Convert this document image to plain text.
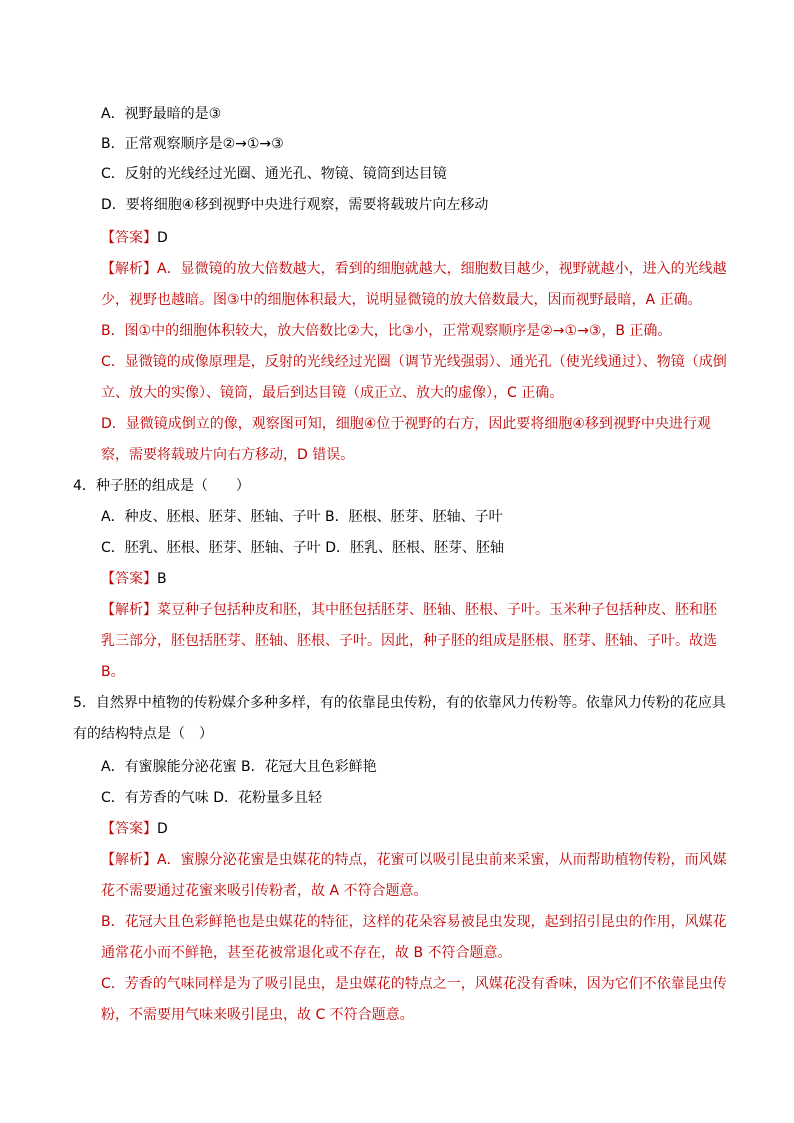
A．视野最暗的是③
B．正常观察顺序是②→①→③
C．反射的光线经过光圈、通光孔、物镜、镜筒到达目镜
D．要将细胞④移到视野中央进行观察，需要将载玻片向左移动
【答案】D
【解析】A．显微镜的放大倍数越大，看到的细胞就越大，细胞数目越少，视野就越小，进入的光线越
少，视野也越暗。图③中的细胞体积最大，说明显微镜的放大倍数最大，因而视野最暗，A 正确。
B．图①中的细胞体积较大，放大倍数比②大，比③小，正常观察顺序是②→①→③，B 正确。
C．显微镜的成像原理是，反射的光线经过光圈（调节光线强弱）、通光孔（使光线通过）、物镜（成倒
立、放大的实像）、镜筒，最后到达目镜（成正立、放大的虚像），C 正确。
D．显微镜成倒立的像，观察图可知，细胞④位于视野的右方，因此要将细胞④移到视野中央进行观
察，需要将载玻片向右方移动，D 错误。
4．种子胚的组成是（　　）
A．种皮、胚根、胚芽、胚轴、子叶 B．胚根、胚芽、胚轴、子叶
C．胚乳、胚根、胚芽、胚轴、子叶 D．胚乳、胚根、胚芽、胚轴
【答案】B
【解析】菜豆种子包括种皮和胚，其中胚包括胚芽、胚轴、胚根、子叶。玉米种子包括种皮、胚和胚
乳三部分，胚包括胚芽、胚轴、胚根、子叶。因此，种子胚的组成是胚根、胚芽、胚轴、子叶。故选
B。
5．自然界中植物的传粉媒介多种多样，有的依靠昆虫传粉，有的依靠风力传粉等。依靠风力传粉的花应具
有的结构特点是（　）
A．有蜜腺能分泌花蜜 B．花冠大且色彩鲜艳
C．有芳香的气味 D．花粉量多且轻
【答案】D
【解析】A．蜜腺分泌花蜜是虫媒花的特点，花蜜可以吸引昆虫前来采蜜，从而帮助植物传粉，而风媒
花不需要通过花蜜来吸引传粉者，故 A 不符合题意。
B．花冠大且色彩鲜艳也是虫媒花的特征，这样的花朵容易被昆虫发现，起到招引昆虫的作用，风媒花
通常花小而不鲜艳，甚至花被常退化或不存在，故 B 不符合题意。
C．芳香的气味同样是为了吸引昆虫，是虫媒花的特点之一，风媒花没有香味，因为它们不依靠昆虫传
粉，不需要用气味来吸引昆虫，故 C 不符合题意。
